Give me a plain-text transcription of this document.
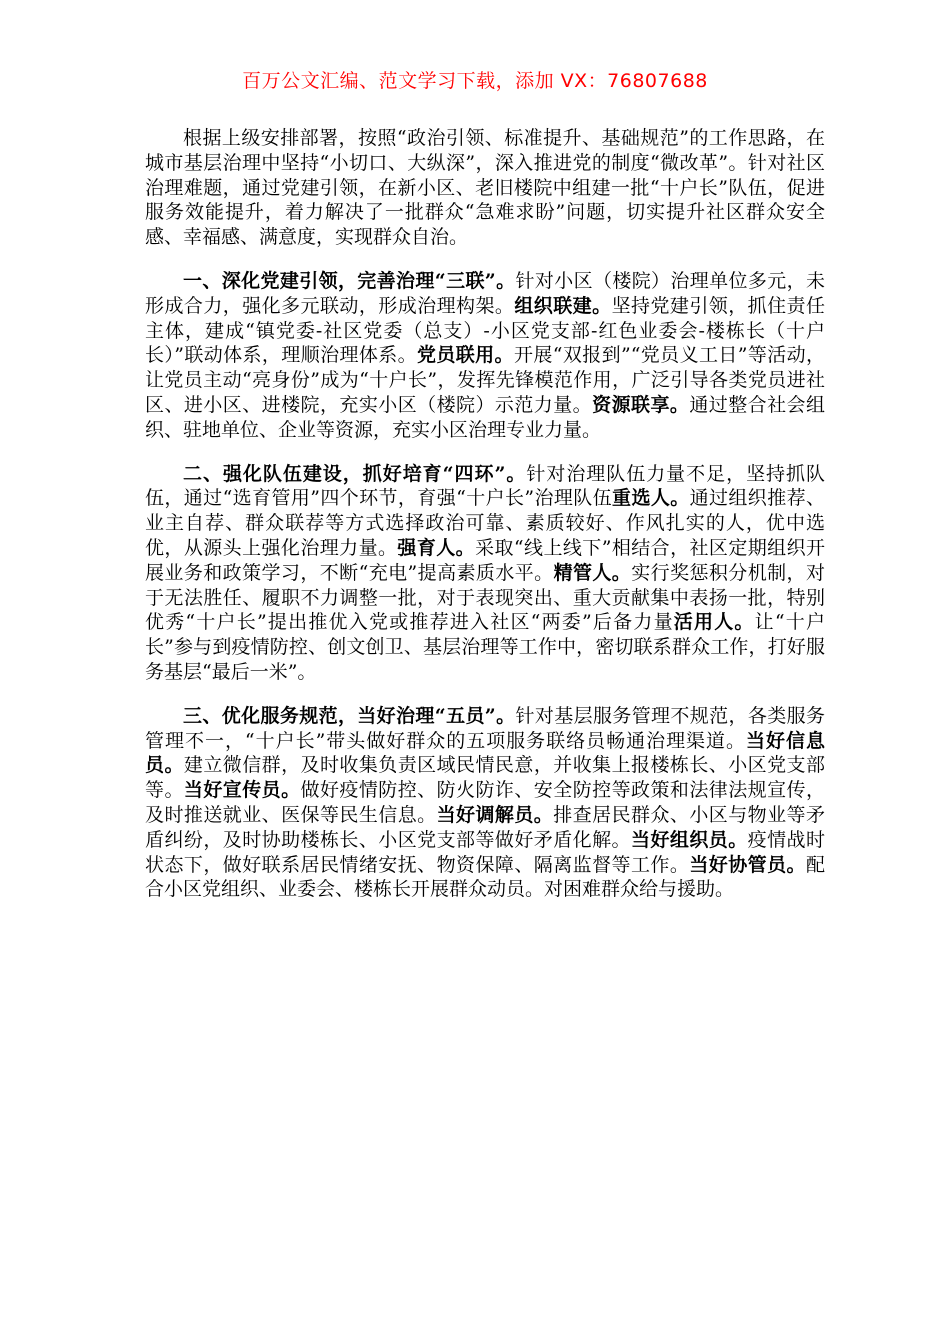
百万公文汇编、范文学习下载，添加 VX：76807688

根据上级安排部署，按照“政治引领、标准提升、基础规范”的工作思路，在城市基层治理中坚持“小切口、大纵深”，深入推进党的制度“微改革”。针对社区治理难题，通过党建引领，在新小区、老旧楼院中组建一批“十户长”队伍，促进服务效能提升，着力解决了一批群众“急难求盼”问题，切实提升社区群众安全感、幸福感、满意度，实现群众自治。

一、深化党建引领，完善治理“三联”。针对小区（楼院）治理单位多元，未形成合力，强化多元联动，形成治理构架。组织联建。坚持党建引领，抓住责任主体，建成“镇党委-社区党委（总支）-小区党支部-红色业委会-楼栋长（十户长）”联动体系，理顺治理体系。党员联用。开展“双报到”“党员义工日”等活动，让党员主动“亮身份”成为“十户长”，发挥先锋模范作用，广泛引导各类党员进社区、进小区、进楼院，充实小区（楼院）示范力量。资源联享。通过整合社会组织、驻地单位、企业等资源，充实小区治理专业力量。

二、强化队伍建设，抓好培育“四环”。针对治理队伍力量不足，坚持抓队伍，通过“选育管用”四个环节，育强“十户长”治理队伍重选人。通过组织推荐、业主自荐、群众联荐等方式选择政治可靠、素质较好、作风扎实的人，优中选优，从源头上强化治理力量。强育人。采取“线上线下”相结合，社区定期组织开展业务和政策学习，不断“充电”提高素质水平。精管人。实行奖惩积分机制，对于无法胜任、履职不力调整一批，对于表现突出、重大贡献集中表扬一批，特别优秀“十户长”提出推优入党或推荐进入社区“两委”后备力量活用人。让“十户长”参与到疫情防控、创文创卫、基层治理等工作中，密切联系群众工作，打好服务基层“最后一米”。

三、优化服务规范，当好治理“五员”。针对基层服务管理不规范，各类服务管理不一，“十户长”带头做好群众的五项服务联络员畅通治理渠道。当好信息员。建立微信群，及时收集负责区域民情民意，并收集上报楼栋长、小区党支部等。当好宣传员。做好疫情防控、防火防诈、安全防控等政策和法律法规宣传，及时推送就业、医保等民生信息。当好调解员。排查居民群众、小区与物业等矛盾纠纷，及时协助楼栋长、小区党支部等做好矛盾化解。当好组织员。疫情战时状态下，做好联系居民情绪安抚、物资保障、隔离监督等工作。当好协管员。配合小区党组织、业委会、楼栋长开展群众动员。对困难群众给与援助。
